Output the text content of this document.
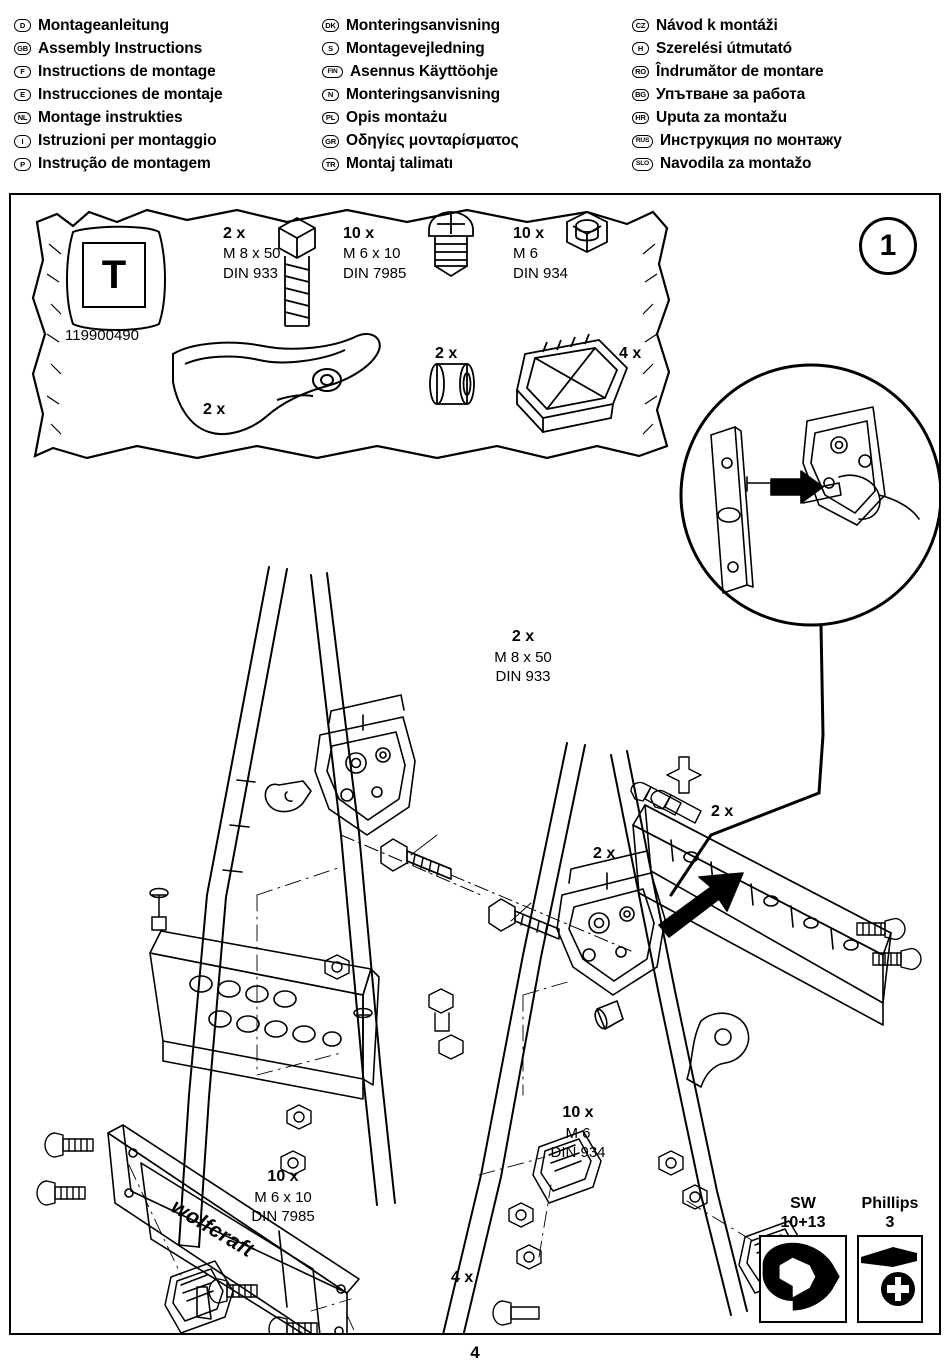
D Montageanleitung
GB Assembly Instructions
F Instructions de montage
E Instrucciones de montaje
NL Montage instrukties
I Istruzioni per montaggio
P Instrução de montagem
DK Monteringsanvisning
S Montagevejledning
FIN Asennus Käyttöohje
N Monteringsanvisning
PL Opis montażu
GR Οδηγίες μονταρίσματος
TR Montaj talimatı
CZ Návod k montáži
H Szerelési útmutató
RO Îndrumător de montare
BG Упътване за работа
HR Uputa za montažu
RUS Инструкция по монтажу
SLO Navodila za montažo
1
T
119900490
2 x
M 8 x 50
DIN 933
10 x
M 6 x 10
DIN 7985
10 x
M 6
DIN 934
2 x
2 x	4 x
2 x
M 8 x 50
DIN 933
10 x
M 6 x 10
DIN 7985
10 x
M 6
DIN 934
2 x
2 x
4 x
wolfcraft	SW
10+13
Phillips
3
4
